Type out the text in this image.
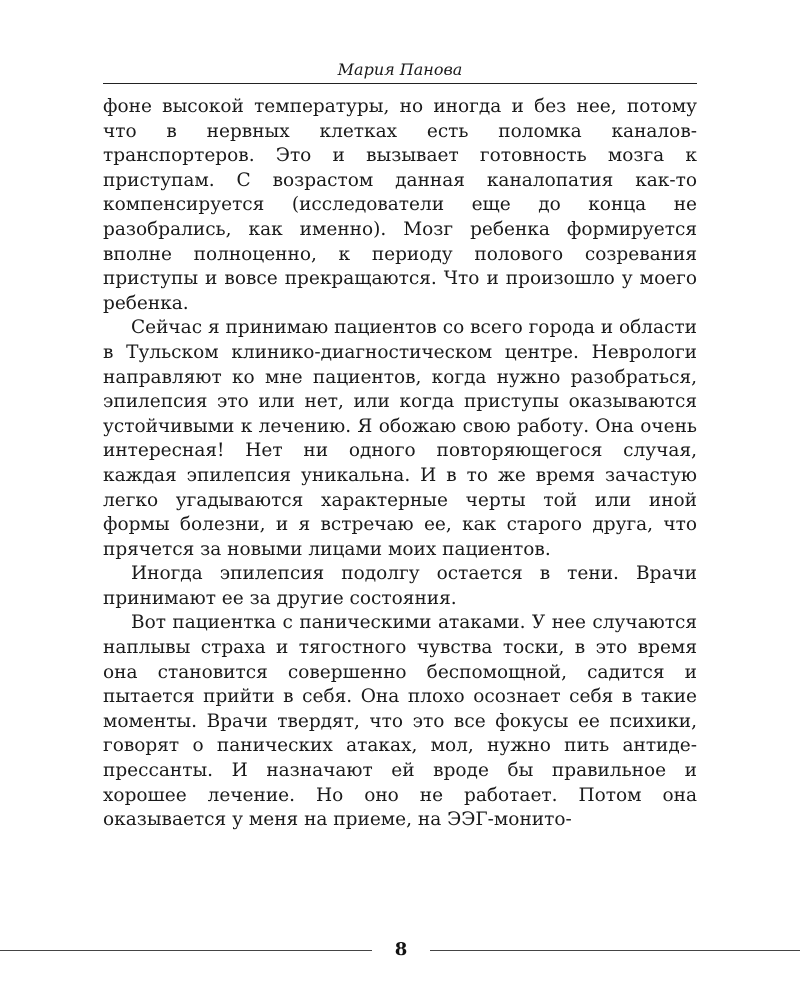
Мария Панова

фоне высокой температуры, но иногда и без нее, потому что в нервных клетках есть поломка каналов-транспортеров. Это и вызывает готовность мозга к приступам. С возрастом данная каналопатия как-то компенсируется (исследователи еще до конца не разобрались, как именно). Мозг ребенка формируется вполне полноценно, к периоду полового созревания приступы и вовсе прекращаются. Что и произошло у моего ребенка.

Сейчас я принимаю пациентов со всего города и области в Тульском клинико-диагностическом центре. Неврологи направляют ко мне пациентов, когда нужно разобраться, эпилепсия это или нет, или когда приступы оказываются устойчивыми к лечению. Я обожаю свою работу. Она очень интересная! Нет ни одного повторяющегося случая, каждая эпилепсия уникальна. И в то же время зачастую легко угадываются характерные черты той или иной формы болезни, и я встречаю ее, как старого друга, что прячется за новыми лицами моих пациентов.

Иногда эпилепсия подолгу остается в тени. Врачи принимают ее за другие состояния.

Вот пациентка с паническими атаками. У нее случаются наплывы страха и тягостного чувства тоски, в это время она становится совершенно беспомощной, садится и пытается прийти в себя. Она плохо осознает себя в такие моменты. Врачи твердят, что это все фокусы ее психики, говорят о панических атаках, мол, нужно пить антидепрессанты. И назначают ей вроде бы правильное и хорошее лечение. Но оно не работает. Потом она оказывается у меня на приеме, на ЭЭГ-монито-

8
